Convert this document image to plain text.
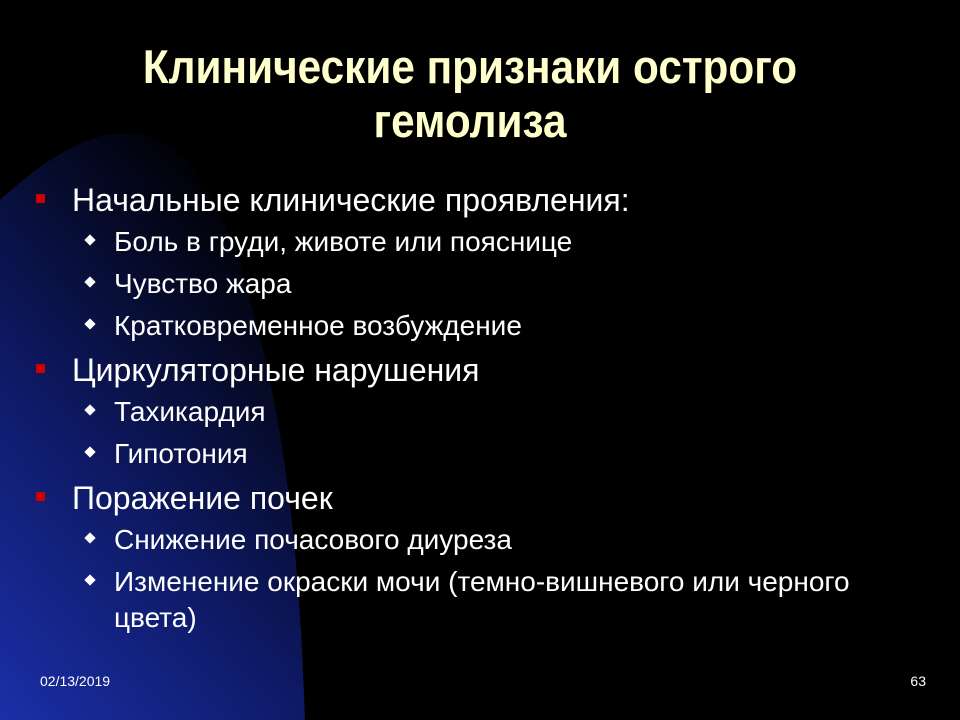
Клинические признаки острого
гемолиза
Начальные клинические проявления:
Боль в груди, животе или пояснице
Чувство жара
Кратковременное возбуждение
Циркуляторные нарушения
Тахикардия
Гипотония
Поражение почек
Снижение почасового диуреза
Изменение окраски мочи (темно-вишневого или черного цвета)
02/13/2019	63
